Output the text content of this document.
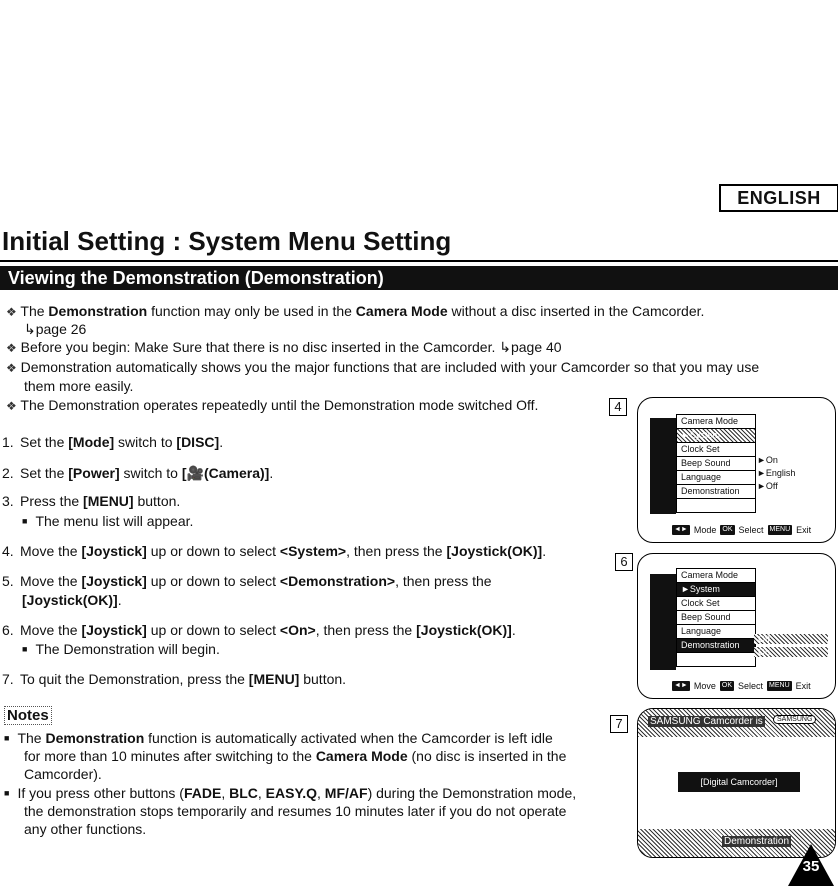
ENGLISH
Initial Setting : System Menu Setting
Viewing the Demonstration (Demonstration)
❖ The Demonstration function may only be used in the Camera Mode without a disc inserted in the Camcorder.
↳page 26
❖ Before you begin: Make Sure that there is no disc inserted in the Camcorder. ↳page 40
❖ Demonstration automatically shows you the major functions that are included with your Camcorder so that you may use
them more easily.
❖ The Demonstration operates repeatedly until the Demonstration mode switched Off.
1. Set the [Mode] switch to [DISC].
2. Set the [Power] switch to [🎥(Camera)].
3. Press the [MENU] button.
■ The menu list will appear.
4. Move the [Joystick] up or down to select <System>, then press the [Joystick(OK)].
5. Move the [Joystick] up or down to select <Demonstration>, then press the
[Joystick(OK)].
6. Move the [Joystick] up or down to select <On>, then press the [Joystick(OK)].
■ The Demonstration will begin.
7. To quit the Demonstration, press the [MENU] button.
Notes
■ The Demonstration function is automatically activated when the Camcorder is left idle
for more than 10 minutes after switching to the Camera Mode (no disc is inserted in the
Camcorder).
■ If you press other buttons (FADE, BLC, EASY.Q, MF/AF) during the Demonstration mode,
the demonstration stops temporarily and resumes 10 minutes later if you do not operate
any other functions.
4
Camera Mode
►System
Clock Set
Beep Sound
Language
Demonstration
►On
►English
►Off
◄► Mode OK Select MENU Exit
6
Camera Mode
►System
Clock Set
Beep Sound
Language
Demonstration
Off
On
◄► Move OK Select MENU Exit
7	SAMSUNG Camcorder is	SAMSUNG
[Digital Camcorder]
Demonstration
35
